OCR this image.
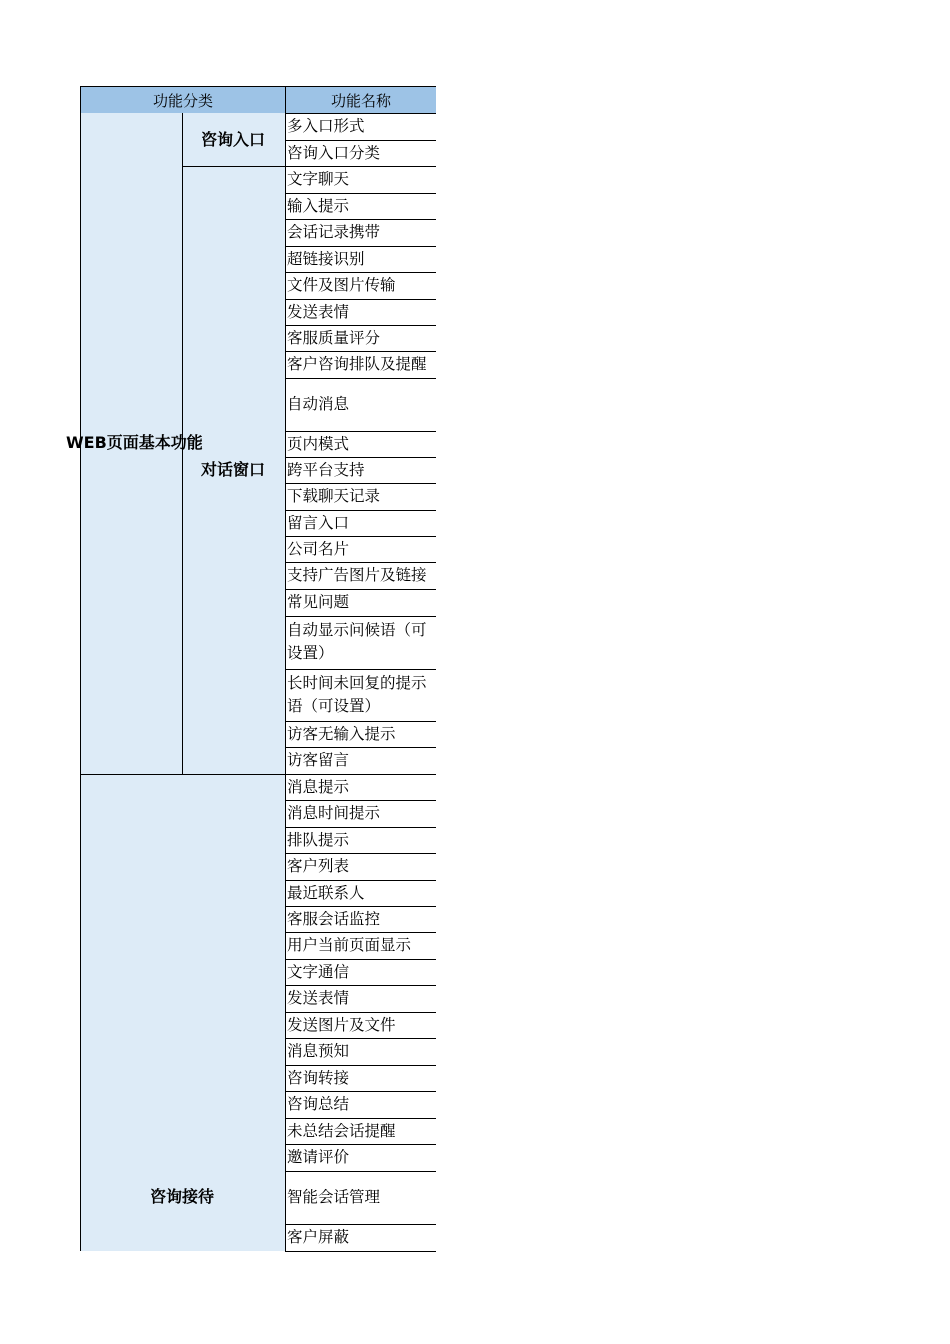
功能分类	功能名称
WEB页面基本功能
咨询入口
对话窗口
咨询接待
多入口形式
咨询入口分类
文字聊天
输入提示
会话记录携带
超链接识别
文件及图片传输
发送表情
客服质量评分
客户咨询排队及提醒
自动消息
页内模式
跨平台支持
下载聊天记录
留言入口
公司名片
支持广告图片及链接
常见问题
自动显示问候语（可设置）
长时间未回复的提示语（可设置）
访客无输入提示
访客留言
消息提示
消息时间提示
排队提示
客户列表
最近联系人
客服会话监控
用户当前页面显示
文字通信
发送表情
发送图片及文件
消息预知
咨询转接
咨询总结
未总结会话提醒
邀请评价
智能会话管理
客户屏蔽
